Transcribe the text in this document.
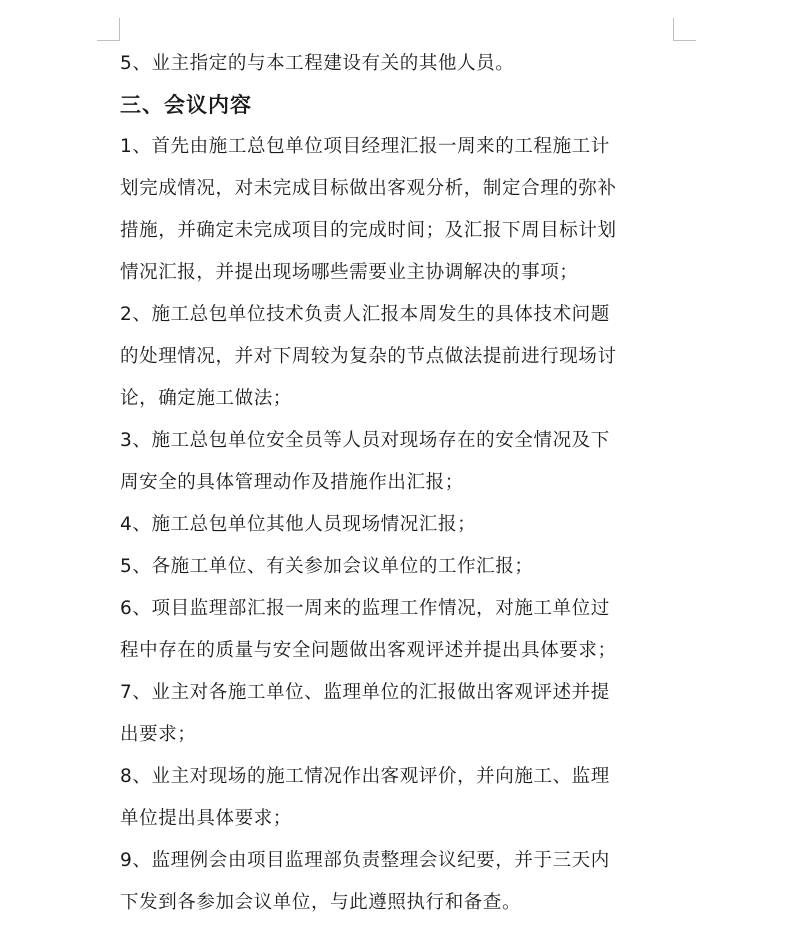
5、业主指定的与本工程建设有关的其他人员。
三、会议内容
1、首先由施工总包单位项目经理汇报一周来的工程施工计
划完成情况，对未完成目标做出客观分析，制定合理的弥补
措施，并确定未完成项目的完成时间；及汇报下周目标计划
情况汇报，并提出现场哪些需要业主协调解决的事项；
2、施工总包单位技术负责人汇报本周发生的具体技术问题
的处理情况，并对下周较为复杂的节点做法提前进行现场讨
论，确定施工做法；
3、施工总包单位安全员等人员对现场存在的安全情况及下
周安全的具体管理动作及措施作出汇报；
4、施工总包单位其他人员现场情况汇报；
5、各施工单位、有关参加会议单位的工作汇报；
6、项目监理部汇报一周来的监理工作情况，对施工单位过
程中存在的质量与安全问题做出客观评述并提出具体要求；
7、业主对各施工单位、监理单位的汇报做出客观评述并提
出要求；
8、业主对现场的施工情况作出客观评价，并向施工、监理
单位提出具体要求；
9、监理例会由项目监理部负责整理会议纪要，并于三天内
下发到各参加会议单位，与此遵照执行和备查。
